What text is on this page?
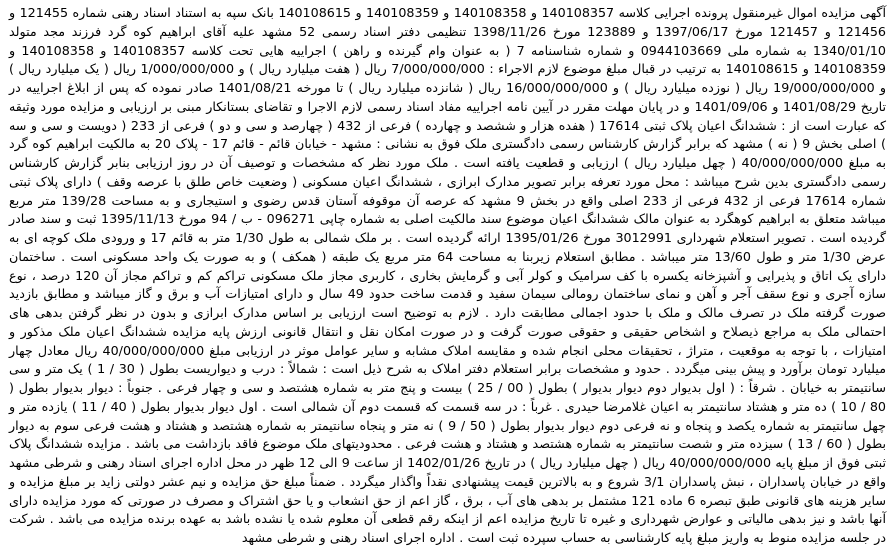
آگهی مزایده اموال غیرمنقول پرونده اجرایی کلاسه 140108357 و 140108358 و 140108359 و 140108615 بانک سپه به استناد اسناد رهنی شماره 121455 و 121456 و 121457 مورخ 1397/06/17 و 123889 مورخ 1398/11/26 تنظیمی دفتر اسناد رسمی 52 مشهد علیه آقای ابراهیم کوه گرد فرزند مجد متولد 1340/01/10 به شماره ملی 0944103669 و شماره شناسنامه 7 ( به عنوان وام گیرنده و راهن ) اجراییه هایی تحت کلاسه 140108357 و 140108358 و 140108359 و 140108615 به ترتیب در قبال مبلغ موضوع لازم الاجراء : 7/000/000/000 ریال ( هفت میلیارد ریال ) و 1/000/000/000 ریال ( یک میلیارد ریال ) و 19/000/000/000 ریال ( نوزده میلیارد ریال ) و 16/000/000/000 ریال ( شانزده میلیارد ریال ) تا مورخه 1401/08/21 صادر نموده که پس از ابلاغ اجراییه در تاریخ 1401/08/29 و 1401/09/06 و در پایان مهلت مقرر در آیین نامه اجراییه مفاد اسناد رسمی لازم الاجرا و تقاضای بستانکار مبنی بر ارزیابی و مزایده مورد وثیقه که عبارت است از : ششدانگ اعیان پلاک ثبتی 17614 ( هفده هزار و ششصد و چهارده ) فرعی از 432 ( چهارصد و سی و دو ) فرعی از 233 ( دویست و سی و سه ) اصلی بخش 9 ( نه ) مشهد که برابر گزارش کارشناس رسمی دادگستری ملک فوق به نشانی : مشهد - خیابان قائم - قائم 17 - پلاک 20 به مالکیت ابراهیم کوه گرد به مبلغ 40/000/000/000 ( چهل میلیارد ریال ) ارزیابی و قطعیت یافته است . ملک مورد نظر که مشخصات و توصیف آن در روز ارزیابی بنابر گزارش کارشناس رسمی دادگستری بدین شرح میباشد : محل مورد تعرفه برابر تصویر مدارک ابرازی ، ششدانگ اعیان مسکونی ( وضعیت خاص طلق با عرصه وقف ) دارای پلاک ثبتی شماره 17614 فرعی از 432 فرعی از 233 اصلی واقع در بخش 9 مشهد که عرصه آن موقوفه آستان قدس رضوی و استیجاری و به مساحت 139/28 متر مربع میباشد متعلق به ابراهیم کوهگرد به عنوان مالک ششدانگ اعیان موضوع سند مالکیت اصلی به شماره چاپی 096271 - ب / 94 مورخ 1395/11/13 ثبت و سند صادر گردیده است . تصویر استعلام شهرداری 3012991 مورخ 1395/01/26 ارائه گردیده است . بر ملک شمالی به طول 1/30 متر به قائم 17 و ورودی ملک کوچه ای به عرض 1/30 متر و طول 13/60 متر میباشد . مطابق استعلام زیربنا به مساحت 64 متر مربع یک طبقه ( همکف ) و به صورت یک واحد مسکونی است . ساختمان دارای یک اتاق و پذیرایی و آشپزخانه یکسره با کف سرامیک و کولر آبی و گرمایش بخاری ، کاربری مجاز ملک مسکونی تراکم کم و تراکم مجاز آن 120 درصد ، نوع سازه آجری و نوع سقف آجر و آهن و نمای ساختمان رومالی سیمان سفید و قدمت ساخت حدود 49 سال و دارای امتیازات آب و برق و گاز میباشد و مطابق بازدید صورت گرفته ملک در تصرف مالک و ملک با حدود اجمالی مطابقت دارد . لازم به توضیح است ارزیابی بر اساس مدارک ابرازی و بدون در نظر گرفتن بدهی های احتمالی ملک به مراجع ذیصلاح و اشخاص حقیقی و حقوقی صورت گرفت و در صورت امکان نقل و انتقال قانونی ارزش پایه مزایده ششدانگ اعیان ملک مذکور و امتیازات ، با توجه به موقعیت ، متراژ ، تحقیقات محلی انجام شده و مقایسه املاک مشابه و سایر عوامل موثر در ارزیابی مبلغ 40/000/000/000 ریال معادل چهار میلیارد تومان برآورد و پیش بینی میگردد . حدود و مشخصات برابر استعلام دفتر املاک به شرح ذیل است : شمالاً : درب و دیواریست بطول ( 30 / 1 ) یک متر و سی سانتیمتر به خیابان . شرقاً : ( اول بدیوار دوم دیوار بدیوار ) بطول ( 00 / 25 ) بیست و پنج متر به شماره هشتصد و سی و چهار فرعی . جنوباً : دیوار بدیوار بطول ( 80 / 10 ) ده متر و هشتاد سانتیمتر به اعیان غلامرضا حیدری . غرباً : در سه قسمت که قسمت دوم آن شمالی است . اول دیوار بدیوار بطول ( 40 / 11 ) یازده متر و چهل سانتیمتر به شماره یکصد و پنجاه و نه فرعی دوم دیوار بدیوار بطول ( 50 / 9 ) نه متر و پنجاه سانتیمتر به شماره هشتصد و هشتاد و هشت فرعی سوم به دیوار بطول ( 60 / 13 ) سیزده متر و شصت سانتیمتر به شماره هشتصد و هشتاد و هشت فرعی . محدودیتهای ملک موضوع فاقد بازداشت می باشد . مزایده ششدانگ پلاک ثبتی فوق از مبلغ پایه 40/000/000/000 ریال ( چهل میلیارد ریال ) در تاریخ 1402/01/26 از ساعت 9 الی 12 ظهر در محل اداره اجرای اسناد رهنی و شرطی مشهد واقع در خیابان پاسداران ، نبش پاسداران 3/1 شروع و به بالاترین قیمت پیشنهادی نقداً واگذار میگردد . ضمناً مبلغ حق مزایده و نیم عشر دولتی زاید بر مبلغ مزایده و سایر هزینه های قانونی طبق تبصره 6 ماده 121 مشتمل بر بدهی های آب ، برق ، گاز اعم از حق انشعاب و یا حق اشتراک و مصرف در صورتی که مورد مزایده دارای آنها باشد و نیز بدهی مالیاتی و عوارض شهرداری و غیره تا تاریخ مزایده اعم از اینکه رقم قطعی آن معلوم شده یا نشده باشد به عهده برنده مزایده می باشد . شرکت در جلسه مزایده منوط به واریز مبلغ پایه کارشناسی به حساب سپرده ثبت است . اداره اجرای اسناد رهنی و شرطی مشهد
